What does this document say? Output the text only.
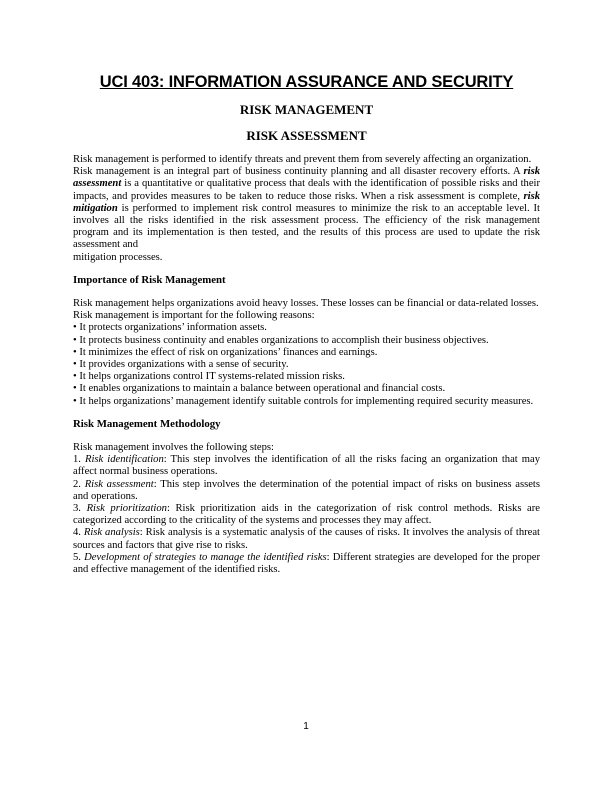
UCI 403: INFORMATION ASSURANCE AND SECURITY
RISK MANAGEMENT
RISK ASSESSMENT

Risk management is performed to identify threats and prevent them from severely affecting an organization.

Risk management is an integral part of business continuity planning and all disaster recovery efforts. A risk assessment is a quantitative or qualitative process that deals with the identification of possible risks and their impacts, and provides measures to be taken to reduce those risks. When a risk assessment is complete, risk mitigation is performed to implement risk control measures to minimize the risk to an acceptable level. It involves all the risks identified in the risk assessment process. The efficiency of the risk management program and its implementation is then tested, and the results of this process are used to update the risk assessment and

mitigation processes.

Importance of Risk Management

Risk management helps organizations avoid heavy losses. These losses can be financial or data-related losses.

Risk management is important for the following reasons:

• It protects organizations’ information assets.

• It protects business continuity and enables organizations to accomplish their business objectives.

• It minimizes the effect of risk on organizations’ finances and earnings.

• It provides organizations with a sense of security.

• It helps organizations control IT systems-related mission risks.

• It enables organizations to maintain a balance between operational and financial costs.

• It helps organizations’ management identify suitable controls for implementing required security measures.

Risk Management Methodology

Risk management involves the following steps:

1. Risk identification: This step involves the identification of all the risks facing an organization that may affect normal business operations.

2. Risk assessment: This step involves the determination of the potential impact of risks on business assets and operations.

3. Risk prioritization: Risk prioritization aids in the categorization of risk control methods. Risks are categorized according to the criticality of the systems and processes they may affect.

4. Risk analysis: Risk analysis is a systematic analysis of the causes of risks. It involves the analysis of threat sources and factors that give rise to risks.

5. Development of strategies to manage the identified risks: Different strategies are developed for the proper and effective management of the identified risks.

1
